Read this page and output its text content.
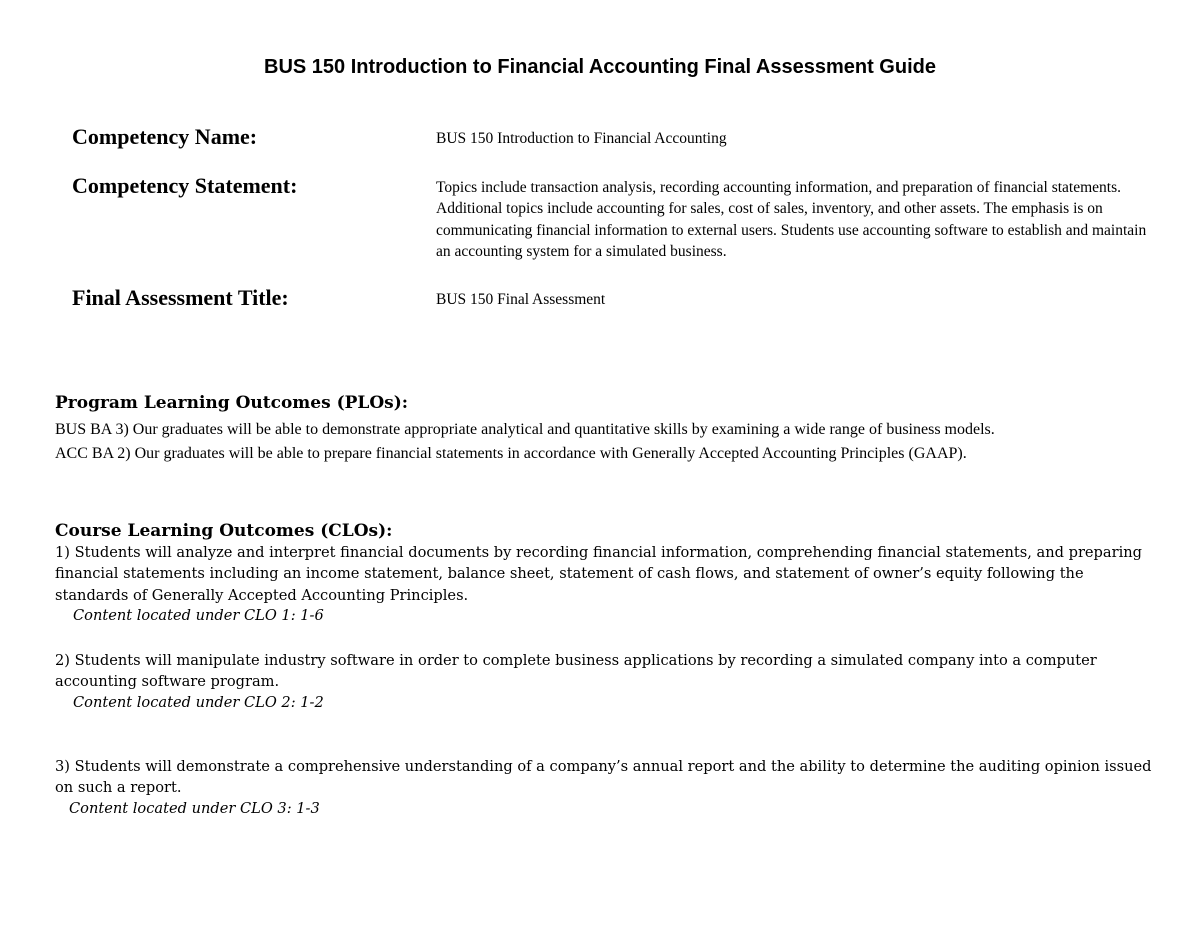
BUS 150 Introduction to Financial Accounting Final Assessment Guide
Competency Name:	BUS 150 Introduction to Financial Accounting
Competency Statement:	Topics include transaction analysis, recording accounting information, and preparation of financial statements. Additional topics include accounting for sales, cost of sales, inventory, and other assets. The emphasis is on communicating financial information to external users. Students use accounting software to establish and maintain an accounting system for a simulated business.
Final Assessment Title:	BUS 150 Final Assessment
Program Learning Outcomes (PLOs):

BUS BA 3) Our graduates will be able to demonstrate appropriate analytical and quantitative skills by examining a wide range of business models.

ACC BA 2) Our graduates will be able to prepare financial statements in accordance with Generally Accepted Accounting Principles (GAAP).

Course Learning Outcomes (CLOs):

1) Students will analyze and interpret financial documents by recording financial information, comprehending financial statements, and preparing financial statements including an income statement, balance sheet, statement of cash flows, and statement of owner’s equity following the standards of Generally Accepted Accounting Principles.

Content located under CLO 1: 1-6

2) Students will manipulate industry software in order to complete business applications by recording a simulated company into a computer accounting software program.

Content located under CLO 2: 1-2

3) Students will demonstrate a comprehensive understanding of a company’s annual report and the ability to determine the auditing opinion issued on such a report.

Content located under CLO 3: 1-3
